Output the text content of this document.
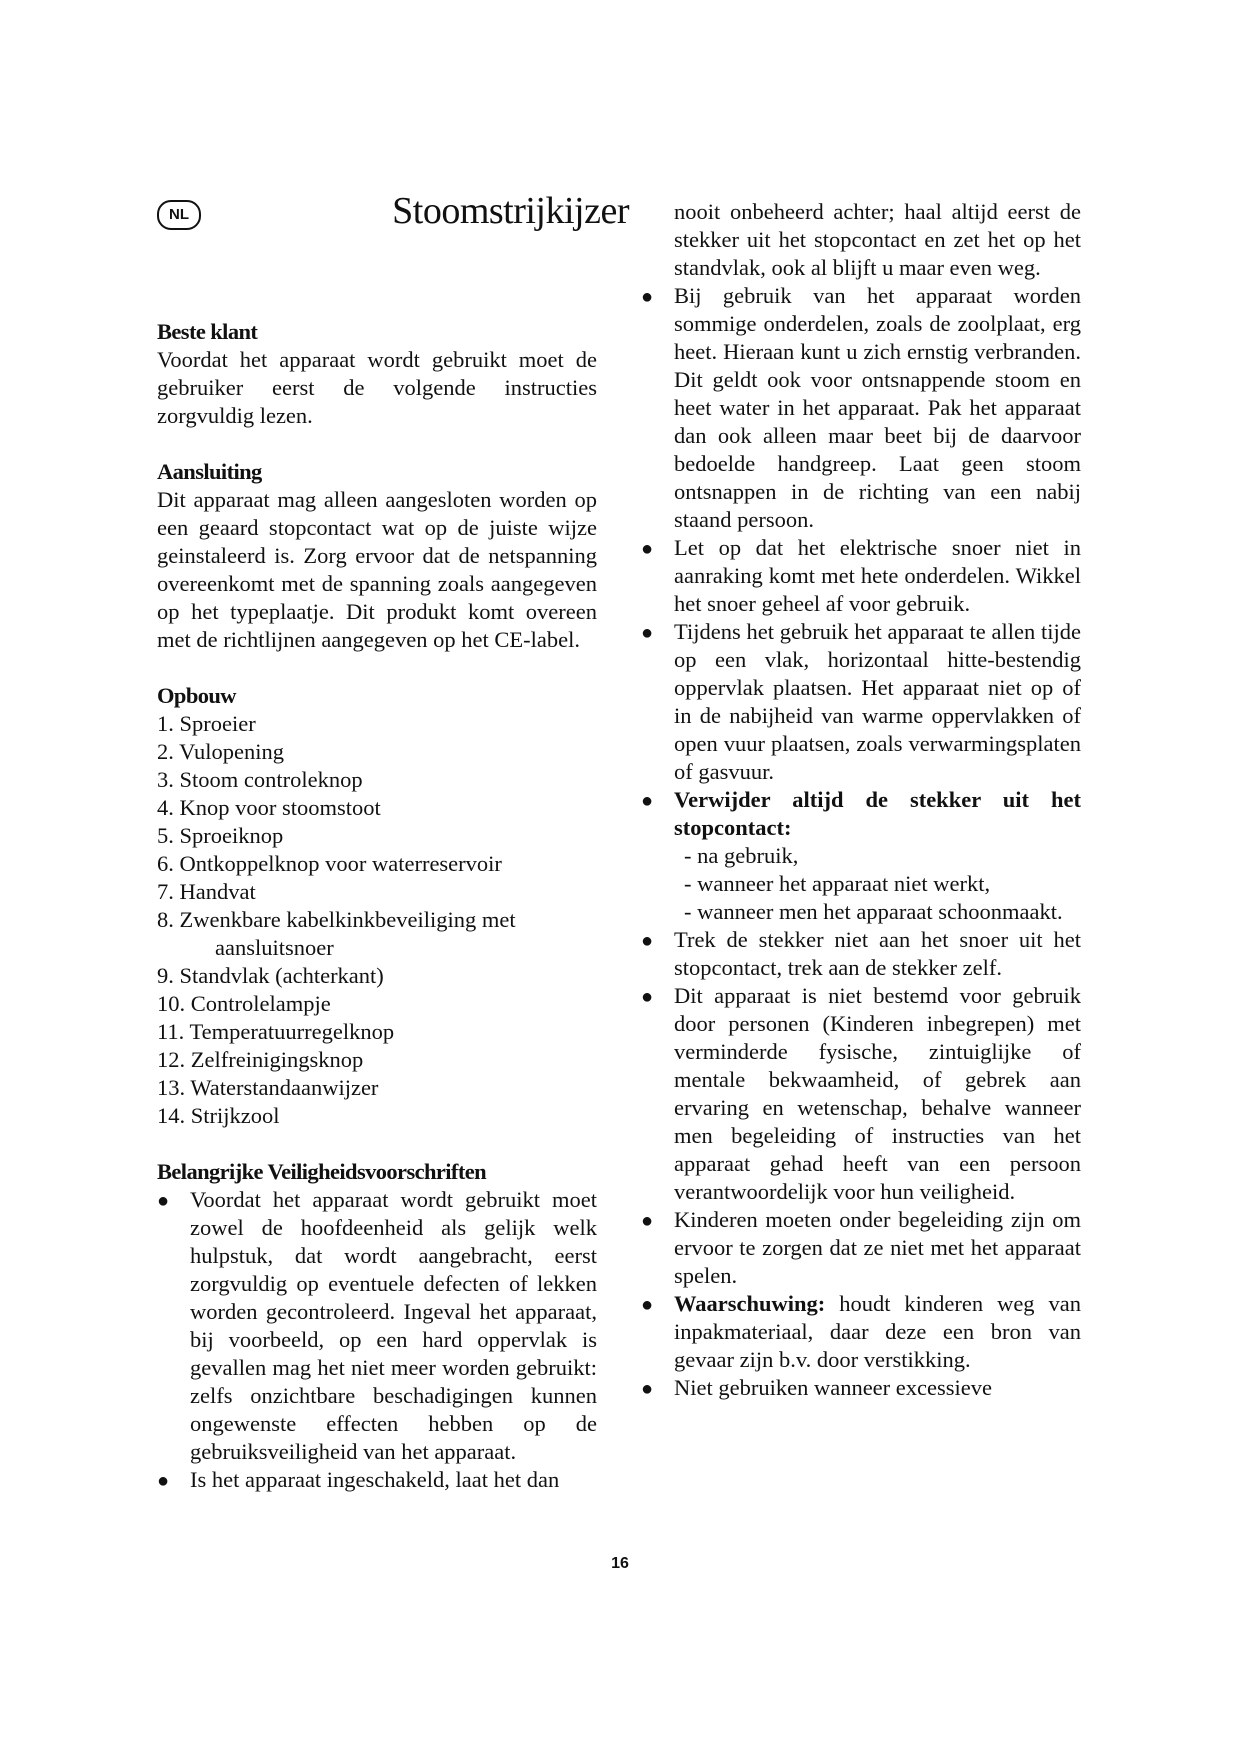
NL	Stoomstrijkijzer
Beste klant

Voordat het apparaat wordt gebruikt moet de gebruiker eerst de volgende instructies zorgvuldig lezen.

Aansluiting

Dit apparaat mag alleen aangesloten worden op een geaard stopcontact wat op de juiste wijze geinstaleerd is. Zorg ervoor dat de netspanning overeenkomt met de spanning zoals aangegeven op het typeplaatje. Dit produkt komt overeen met de richtlijnen aangegeven op het CE-label.

Opbouw
1. Sproeier
2. Vulopening
3. Stoom controleknop
4. Knop voor stoomstoot
5. Sproeiknop
6. Ontkoppelknop voor waterreservoir
7. Handvat
8. Zwenkbare kabelkinkbeveiliging met aansluitsnoer
9. Standvlak (achterkant)
10. Controlelampje
11. Temperatuurregelknop
12. Zelfreinigingsknop
13. Waterstandaanwijzer
14. Strijkzool
Belangrijke Veiligheidsvoorschriften
● Voordat het apparaat wordt gebruikt moet zowel de hoofdeenheid als gelijk welk hulpstuk, dat wordt aangebracht, eerst zorgvuldig op eventuele defecten of lekken worden gecontroleerd. Ingeval het apparaat, bij voorbeeld, op een hard oppervlak is gevallen mag het niet meer worden gebruikt: zelfs onzichtbare beschadigingen kunnen ongewenste effecten hebben op de gebruiksveiligheid van het apparaat.
● Is het apparaat ingeschakeld, laat het dan

nooit onbeheerd achter; haal altijd eerst de stekker uit het stopcontact en zet het op het standvlak, ook al blijft u maar even weg.

● Bij gebruik van het apparaat worden sommige onderdelen, zoals de zoolplaat, erg heet. Hieraan kunt u zich ernstig verbranden. Dit geldt ook voor ontsnappende stoom en heet water in het apparaat. Pak het apparaat dan ook alleen maar beet bij de daarvoor bedoelde handgreep. Laat geen stoom ontsnappen in de richting van een nabij staand persoon.
● Let op dat het elektrische snoer niet in aanraking komt met hete onderdelen. Wikkel het snoer geheel af voor gebruik.
● Tijdens het gebruik het apparaat te allen tijde op een vlak, horizontaal hitte-bestendig oppervlak plaatsen. Het apparaat niet op of in de nabijheid van warme oppervlakken of open vuur plaatsen, zoals verwarmingsplaten of gasvuur.
● Verwijder altijd de stekker uit het stopcontact:
- na gebruik,
- wanneer het apparaat niet werkt,
- wanneer men het apparaat schoonmaakt.
● Trek de stekker niet aan het snoer uit het stopcontact, trek aan de stekker zelf.
● Dit apparaat is niet bestemd voor gebruik door personen (Kinderen inbegrepen) met verminderde fysische, zintuiglijke of mentale bekwaamheid, of gebrek aan ervaring en wetenschap, behalve wanneer men begeleiding of instructies van het apparaat gehad heeft van een persoon verantwoordelijk voor hun veiligheid.
● Kinderen moeten onder begeleiding zijn om ervoor te zorgen dat ze niet met het apparaat spelen.
● Waarschuwing: houdt kinderen weg van inpakmateriaal, daar deze een bron van gevaar zijn b.v. door verstikking.
● Niet gebruiken wanneer excessieve
16
